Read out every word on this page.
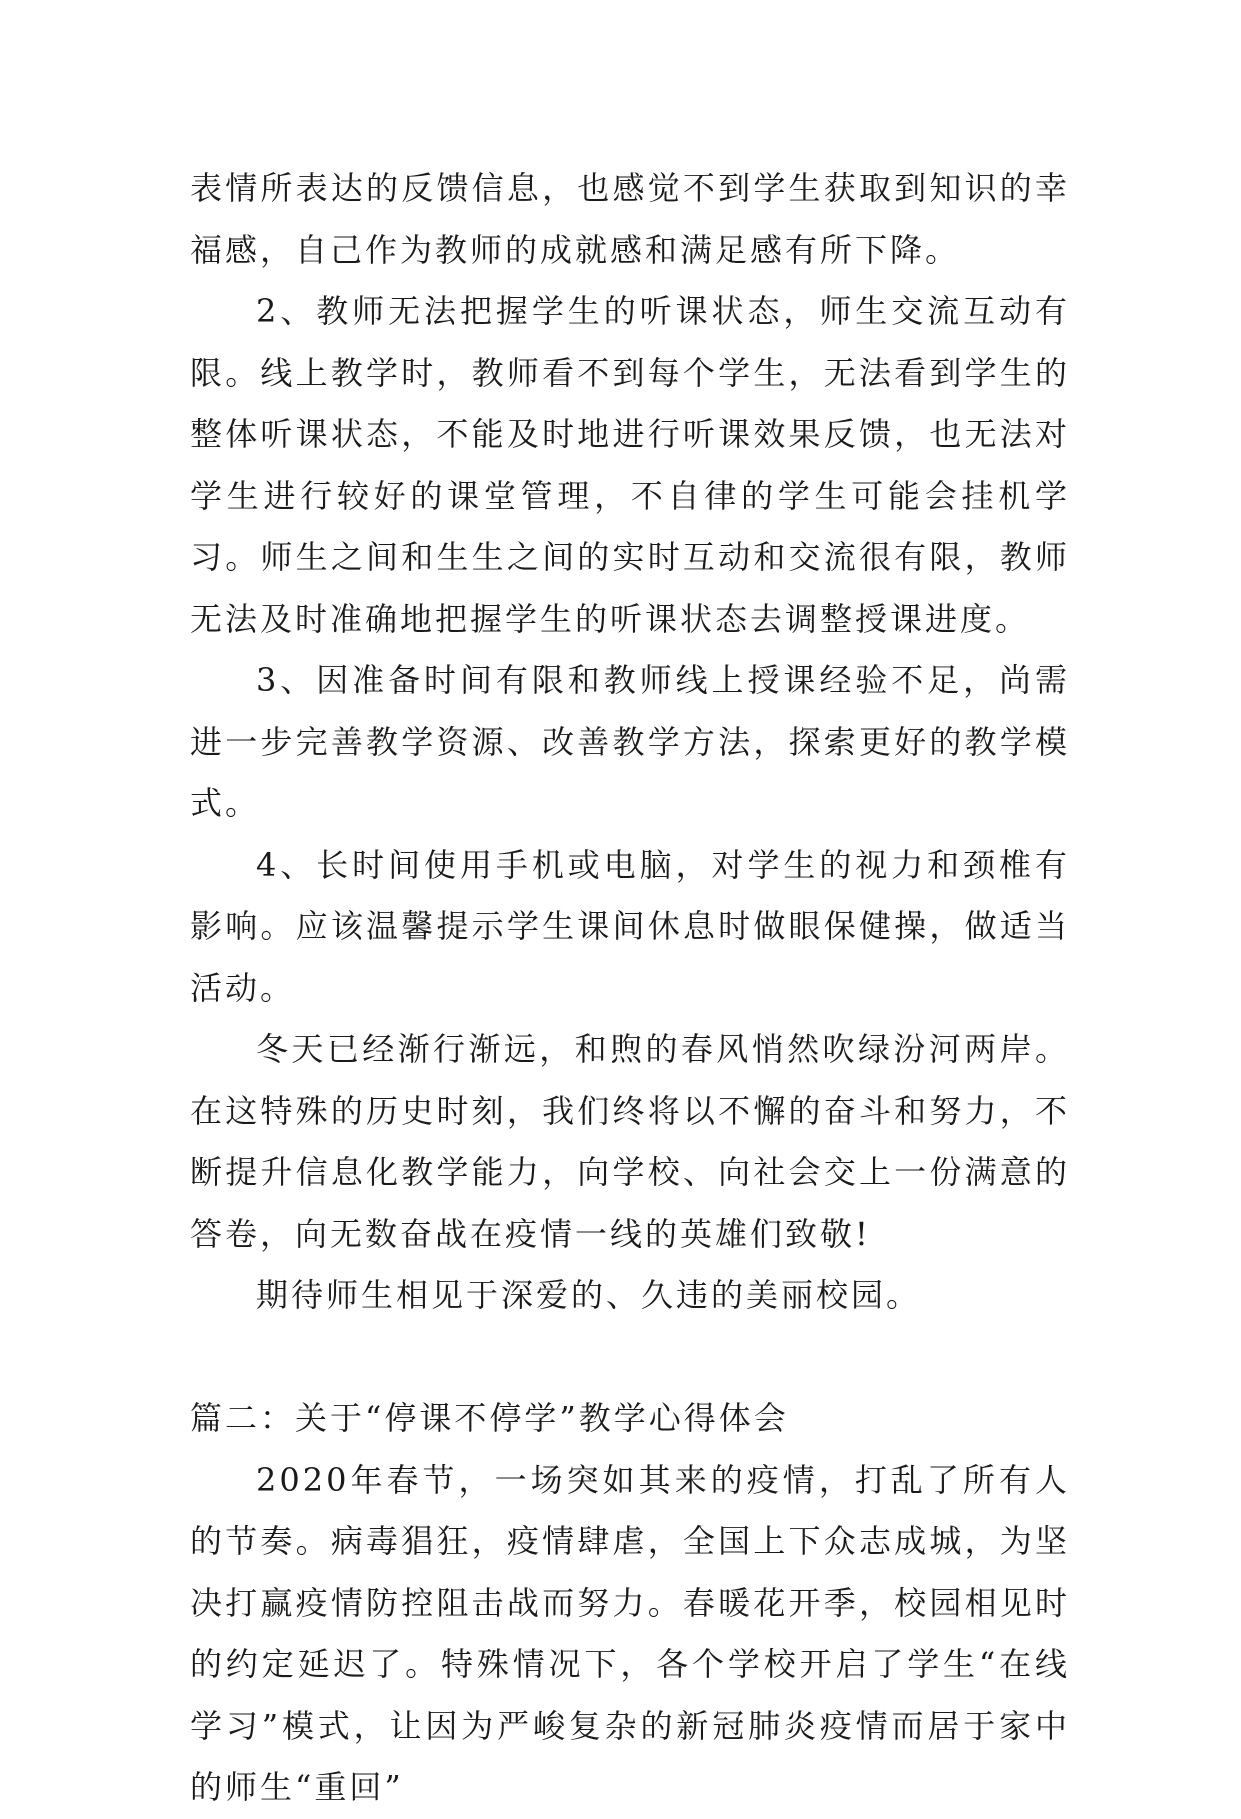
表情所表达的反馈信息，也感觉不到学生获取到知识的幸福感，自己作为教师的成就感和满足感有所下降。

2、教师无法把握学生的听课状态，师生交流互动有限。线上教学时，教师看不到每个学生，无法看到学生的整体听课状态，不能及时地进行听课效果反馈，也无法对学生进行较好的课堂管理，不自律的学生可能会挂机学习。师生之间和生生之间的实时互动和交流很有限，教师无法及时准确地把握学生的听课状态去调整授课进度。

3、因准备时间有限和教师线上授课经验不足，尚需进一步完善教学资源、改善教学方法，探索更好的教学模式。

4、长时间使用手机或电脑，对学生的视力和颈椎有影响。应该温馨提示学生课间休息时做眼保健操，做适当活动。

冬天已经渐行渐远，和煦的春风悄然吹绿汾河两岸。在这特殊的历史时刻，我们终将以不懈的奋斗和努力，不断提升信息化教学能力，向学校、向社会交上一份满意的答卷，向无数奋战在疫情一线的英雄们致敬!

期待师生相见于深爱的、久违的美丽校园。

篇二：关于“停课不停学”教学心得体会

2020年春节，一场突如其来的疫情，打乱了所有人的节奏。病毒猖狂，疫情肆虐，全国上下众志成城，为坚决打赢疫情防控阻击战而努力。春暖花开季，校园相见时的约定延迟了。特殊情况下，各个学校开启了学生“在线学习”模式，让因为严峻复杂的新冠肺炎疫情而居于家中的师生“重回”
